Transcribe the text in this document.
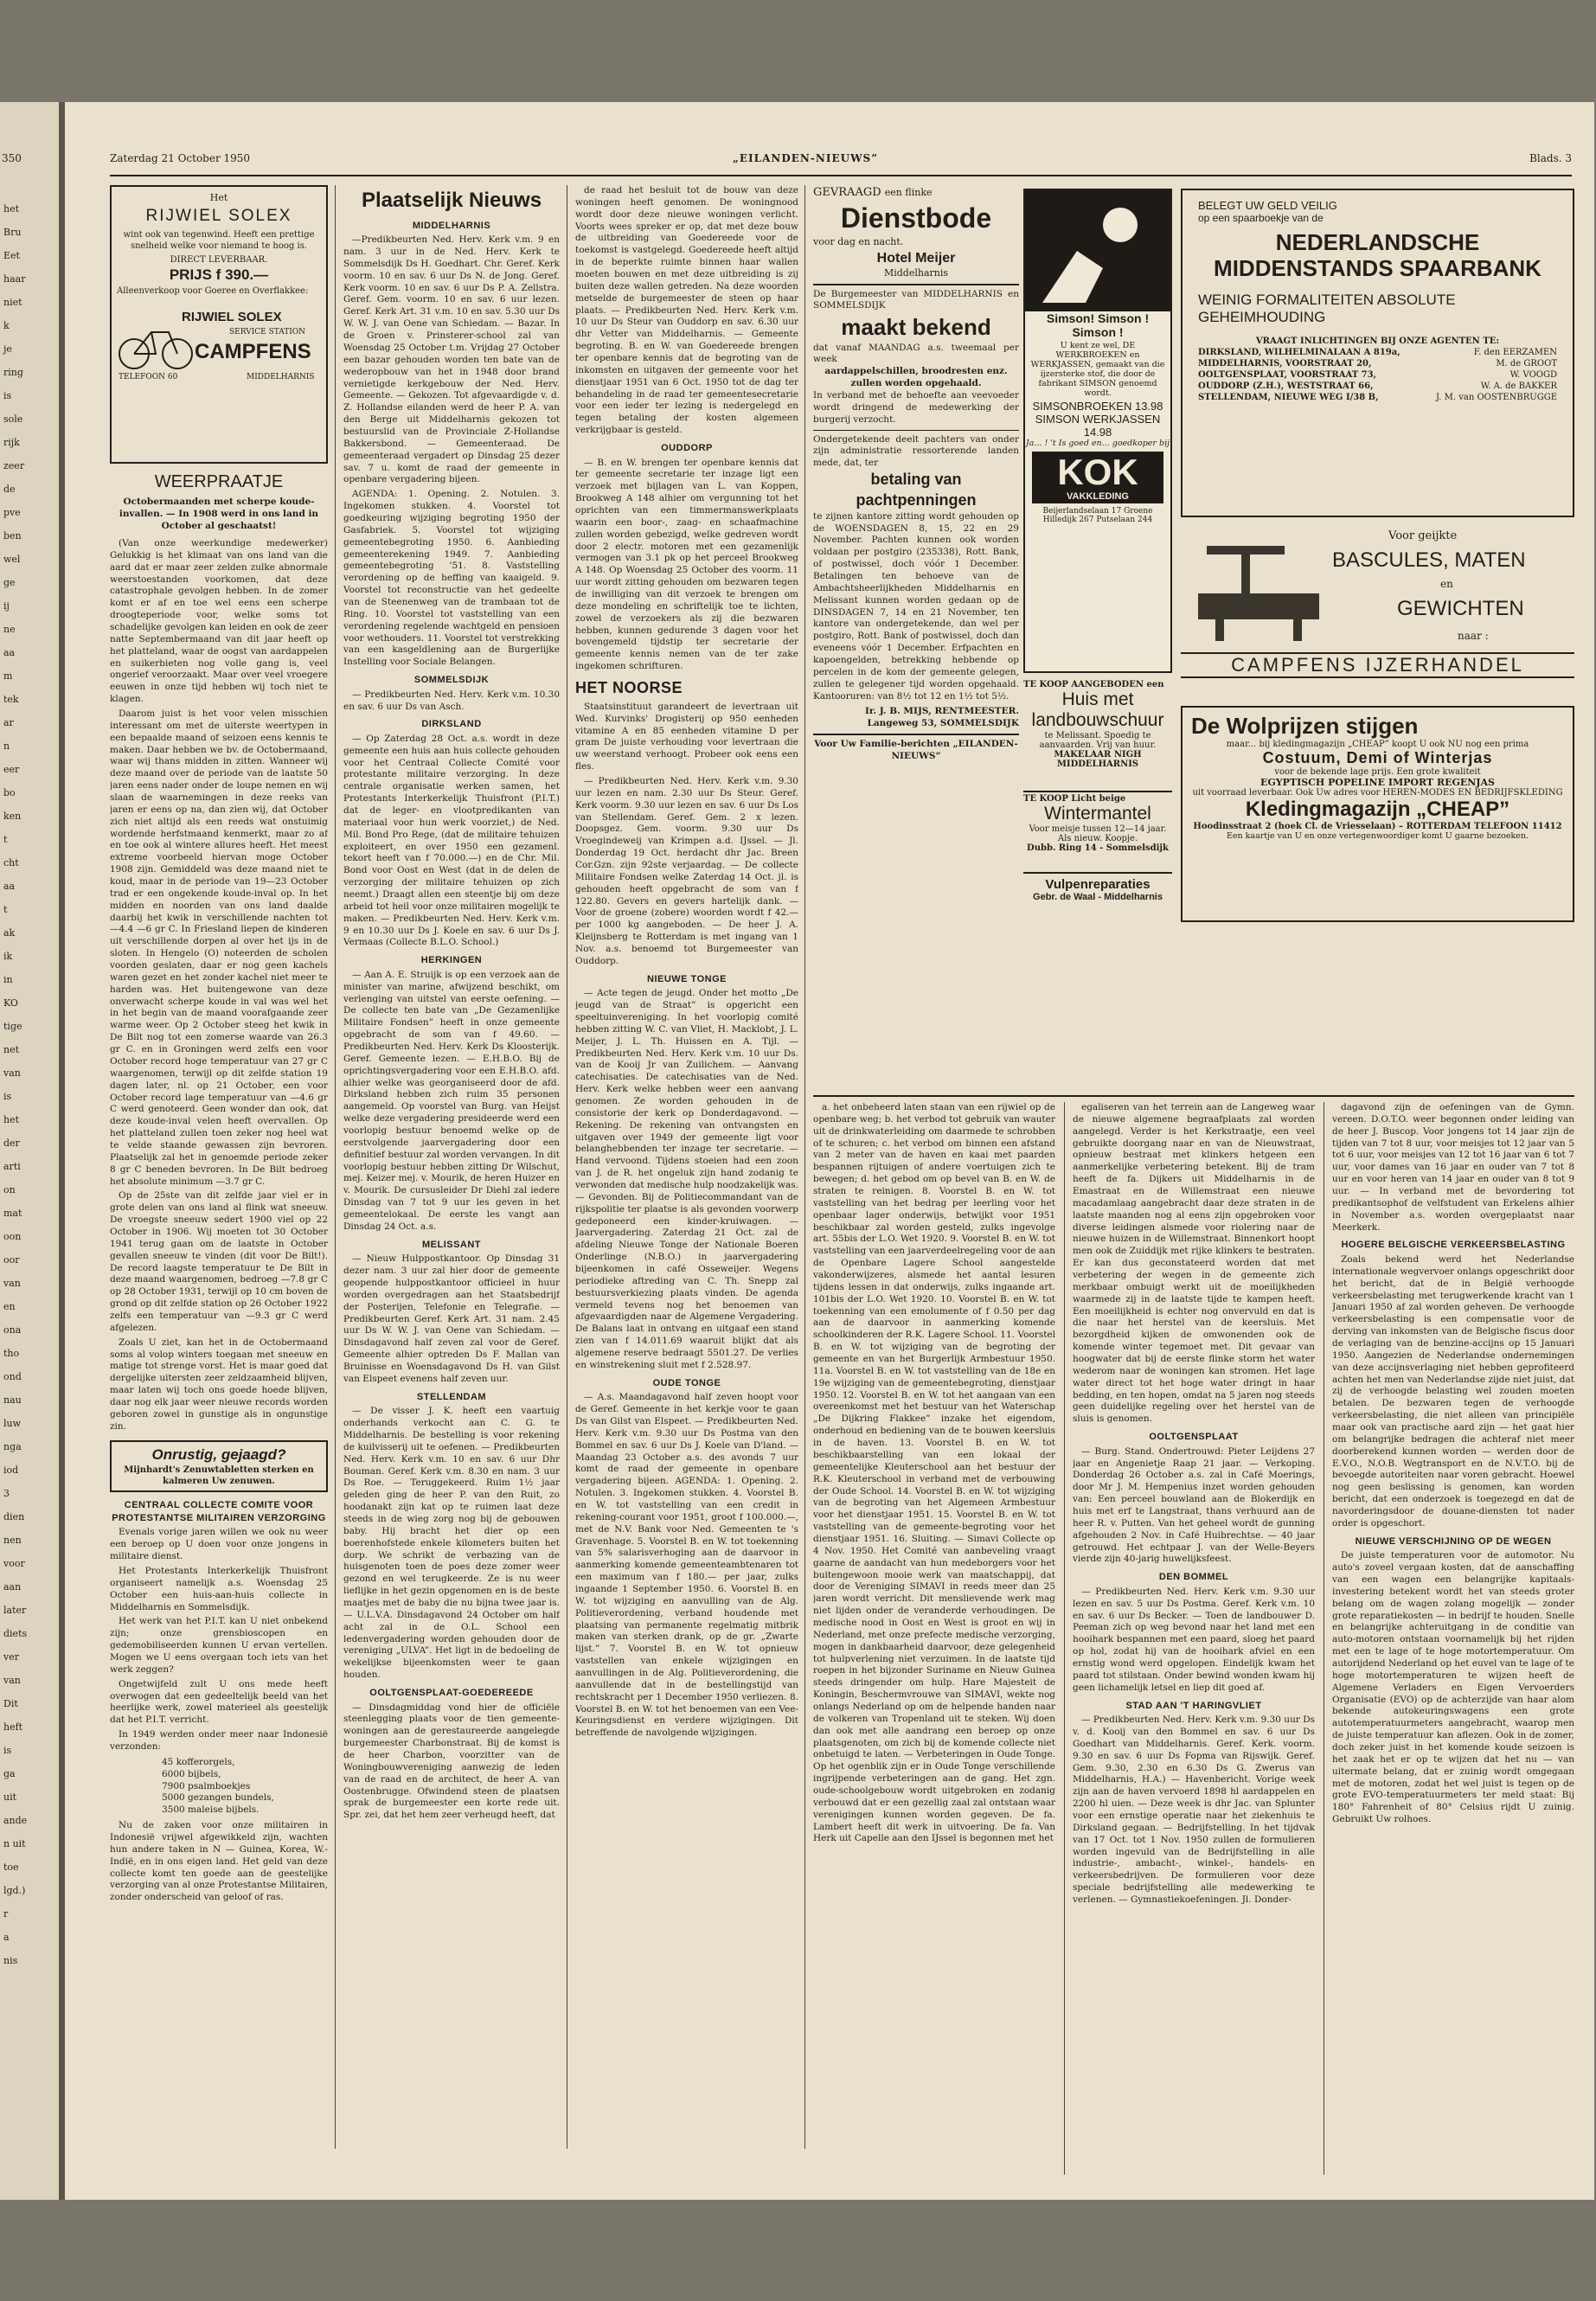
350
het
Bru
Eet
haar
niet
k
je
ring
is
sole
rijk
zeer
de
pve
ben
wel
ge
ij
ne
aa
m
tek
ar
n
eer
bo
ken
t
cht
aa
t
ak
ik
in
KO
tige
net
van
is
het
der
arti
on
mat
oon
oor
van
en
ona
tho
ond
nau
luw
nga
iod
3
dien
nen
voor
aan
later
diets
ver
van
Dit
heft
is
ga
uit
ande
n uit
toe
lgd.)
r
a
nis
Zaterdag 21 October 1950	„EILANDEN-NIEUWS”	Blads. 3
Het
RIJWIEL SOLEX
wint ook van tegenwind. Heeft een prettige snelheid welke voor niemand te hoog is.
DIRECT LEVERBAAR.
PRIJS f 390.—
Alleenverkoop voor Goeree en Overflakkee:
RIJWIEL SOLEX
SERVICE STATION
CAMPFENS
TELEFOON 60	MIDDELHARNIS
WEERPRAATJE
Octobermaanden met scherpe koude-invallen. — In 1908 werd in ons land in October al geschaatst!

(Van onze weerkundige medewerker) Gelukkig is het klimaat van ons land van die aard dat er maar zeer zelden zulke abnormale weerstoestanden voorkomen, dat deze catastrophale gevolgen hebben. In de zomer komt er af en toe wel eens een scherpe droogteperiode voor, welke soms tot schadelijke gevolgen kan leiden en ook de zeer natte Septembermaand van dit jaar heeft op het platteland, waar de oogst van aardappelen en suikerbieten nog volle gang is, veel ongerief veroorzaakt. Maar over veel vroegere eeuwen in onze tijd hebben wij toch niet te klagen.

Daarom juist is het voor velen misschien interessant om met de uiterste weertypen in een bepaalde maand of seizoen eens kennis te maken. Daar hebben we bv. de Octobermaand, waar wij thans midden in zitten. Wanneer wij deze maand over de periode van de laatste 50 jaren eens nader onder de loupe nemen en wij slaan de waarnemingen in deze reeks van jaren er eens op na, dan zien wij, dat October zich niet altijd als een reeds wat onstuimig wordende herfstmaand kenmerkt, maar zo af en toe ook al wintere allures heeft. Het meest extreme voorbeeld hiervan moge October 1908 zijn. Gemiddeld was deze maand niet te koud, maar in de periode van 19—23 October trad er een ongekende koude-inval op. In het midden en noorden van ons land daalde daarbij het kwik in verschillende nachten tot —4.4 —6 gr C. In Friesland liepen de kinderen uit verschillende dorpen al over het ijs in de sloten. In Hengelo (O) noteerden de scholen voorden geslaten, daar er nog geen kachels waren gezet en het zonder kachel niet meer te harden was. Het buitengewone van deze onverwacht scherpe koude in val was wel het in het begin van de maand voorafgaande zeer warme weer. Op 2 October steeg het kwik in De Bilt nog tot een zomerse waarde van 26.3 gr C. en in Groningen werd zelfs een voor October record hoge temperatuur van 27 gr C waargenomen, terwijl op dit zelfde station 19 dagen later, nl. op 21 October, een voor October record lage temperatuur van —4.6 gr C werd genoteerd. Geen wonder dan ook, dat deze koude-inval velen heeft overvallen. Op het platteland zullen toen zeker nog heel wat te velde staande gewassen zijn bevroren. Plaatselijk zal het in genoemde periode zeker 8 gr C beneden bevroren. In De Bilt bedroeg het absolute minimum —3.7 gr C.

Op de 25ste van dit zelfde jaar viel er in grote delen van ons land al flink wat sneeuw. De vroegste sneeuw sedert 1900 viel op 22 October in 1906. Wij moeten tot 30 October 1941 terug gaan om de laatste in October gevallen sneeuw te vinden (dit voor De Bilt!). De record laagste temperatuur te De Bilt in deze maand waargenomen, bedroeg —7.8 gr C op 28 October 1931, terwijl op 10 cm boven de grond op dit zelfde station op 26 October 1922 zelfs een temperatuur van —9.3 gr C werd afgelezen.

Zoals U ziet, kan het in de Octobermaand soms al volop winters toegaan met sneeuw en matige tot strenge vorst. Het is maar goed dat dergelijke uitersten zeer zeldzaamheid blijven, maar laten wij toch ons goede hoede blijven, daar nog elk jaar weer nieuwe records worden geboren zowel in gunstige als in ongunstige zin.

Onrustig, gejaagd?
Mijnhardt's Zenuwtabletten sterken en kalmeren Uw zenuwen.
CENTRAAL COLLECTE COMITE VOOR PROTESTANTSE MILITAIREN VERZORGING

Evenals vorige jaren willen we ook nu weer een beroep op U doen voor onze jongens in militaire dienst.

Het Protestants Interkerkelijk Thuisfront organiseert namelijk a.s. Woensdag 25 October een huis-aan-huis collecte in Middelharnis en Sommelsdijk.

Het werk van het P.I.T. kan U niet onbekend zijn; onze grensbioscopen en gedemobiliseerden kunnen U ervan vertellen. Mogen we U eens overgaan toch iets van het werk zeggen?

Ongetwijfeld zult U ons mede heeft overwogen dat een gedeeltelijk beeld van het heerlijke werk, zowel materieel als geestelijk dat het P.I.T. verricht.

In 1949 werden onder meer naar Indonesië verzonden:

45 kofferorgels,
6000 bijbels,
7900 psalmboekjes
5000 gezangen bundels,
3500 maleise bijbels.

Nu de zaken voor onze militairen in Indonesië vrijwel afgewikkeld zijn, wachten hun andere taken in N — Guinea, Korea, W.-Indië, en in ons eigen land. Het geld van deze collecte komt ten goede aan de geestelijke verzorging van al onze Protestantse Militairen, zonder onderscheid van geloof of ras.

Plaatselijk Nieuws
MIDDELHARNIS

—Predikbeurten Ned. Herv. Kerk v.m. 9 en nam. 3 uur in de Ned. Herv. Kerk te Sommelsdijk Ds H. Goedhart. Chr. Geref. Kerk voorm. 10 en sav. 6 uur Ds N. de Jong. Geref. Kerk voorm. 10 en sav. 6 uur Ds P. A. Zellstra. Geref. Gem. voorm. 10 en sav. 6 uur lezen. Geref. Kerk Art. 31 v.m. 10 en sav. 5.30 uur Ds W. W. J. van Oene van Schiedam. — Bazar. In de Groen v. Prinsterer-school zal van Woensdag 25 October t.m. Vrijdag 27 October een bazar gehouden worden ten bate van de wederopbouw van het in 1948 door brand vernietigde kerkgebouw der Ned. Herv. Gemeente. — Gekozen. Tot afgevaardigde v. d. Z. Hollandse eilanden werd de heer P. A. van den Berge uit Middelharnis gekozen tot bestuurslid van de Provinciale Z-Hollandse Bakkersbond. — Gemeenteraad. De gemeenteraad vergadert op Dinsdag 25 dezer sav. 7 u. komt de raad der gemeente in openbare vergadering bijeen.

AGENDA: 1. Opening. 2. Notulen. 3. Ingekomen stukken. 4. Voorstel tot goedkeuring wijziging begroting 1950 der Gasfabriek. 5. Voorstel tot wijziging gemeentebegroting 1950. 6. Aanbieding gemeenterekening 1949. 7. Aanbieding gemeentebegroting '51. 8. Vaststelling verordening op de heffing van kaaigeld. 9. Voorstel tot reconstructie van het gedeelte van de Steenenweg van de trambaan tot de Ring. 10. Voorstel tot vaststelling van een verordening regelende wachtgeld en pensioen voor wethouders. 11. Voorstel tot verstrekking van een kasgeldlening aan de Burgerlijke Instelling voor Sociale Belangen.

SOMMELSDIJK

— Predikbeurten Ned. Herv. Kerk v.m. 10.30 en sav. 6 uur Ds van Asch.

DIRKSLAND

— Op Zaterdag 28 Oct. a.s. wordt in deze gemeente een huis aan huis collecte gehouden voor het Centraal Collecte Comité voor protestante militaire verzorging. In deze centrale organisatie werken samen, het Protestants Interkerkelijk Thuisfront (P.I.T.) dat de leger- en vlootpredikanten van materiaal voor hun werk voorziet,) de Ned. Mil. Bond Pro Rege, (dat de militaire tehuizen exploiteert, en over 1950 een gezamenl. tekort heeft van f 70.000.—) en de Chr. Mil. Bond voor Oost en West (dat in de delen de verzorging der militaire tehuizen op zich neemt.) Draagt allen een steentje bij om deze arbeid tot heil voor onze militairen mogelijk te maken. — Predikbeurten Ned. Herv. Kerk v.m. 9 en 10.30 uur Ds J. Koele en sav. 6 uur Ds J. Vermaas (Collecte B.L.O. School.)

HERKINGEN

— Aan A. E. Struijk is op een verzoek aan de minister van marine, afwijzend beschikt, om verlenging van uitstel van eerste oefening. — De collecte ten bate van „De Gezamenlijke Militaire Fondsen” heeft in onze gemeente opgebracht de som van f 49.60. — Predikbeurten Ned. Herv. Kerk Ds Kloosterijk. Geref. Gemeente lezen. — E.H.B.O. Bij de oprichtingsvergadering voor een E.H.B.O. afd. alhier welke was georganiseerd door de afd. Dirksland hebben zich ruim 35 personen aangemeld. Op voorstel van Burg. van Heijst welke deze vergadering presideerde werd een voorlopig bestuur benoemd welke op de eerstvolgende jaarvergadering door een definitief bestuur zal worden vervangen. In dit voorlopig bestuur hebben zitting Dr Wilschut, mej. Keizer mej. v. Mourik, de heren Huizer en v. Mourik. De cursusleider Dr Diehl zal iedere Dinsdag van 7 tot 9 uur les geven in het gemeentelokaal. De eerste les vangt aan Dinsdag 24 Oct. a.s.

MELISSANT

— Nieuw Hulppostkantoor. Op Dinsdag 31 dezer nam. 3 uur zal hier door de gemeente geopende hulppostkantoor officieel in huur worden overgedragen aan het Staatsbedrijf der Posterijen, Telefonie en Telegrafie. — Predikbeurten Geref. Kerk Art. 31 nam. 2.45 uur Ds W. W. J. van Oene van Schiedam. — Dinsdagavond half zeven zal voor de Geref. Gemeente alhier optreden Ds F. Mallan van Bruinisse en Woensdagavond Ds H. van Gilst van Elspeet evenens half zeven uur.

STELLENDAM

— De visser J. K. heeft een vaartuig onderhands verkocht aan C. G. te Middelharnis. De bestelling is voor rekening de kuilvisserij uit te oefenen. — Predikbeurten Ned. Herv. Kerk v.m. 10 en sav. 6 uur Dhr Bouman. Geref. Kerk v.m. 8.30 en nam. 3 uur Ds Roe. — Teruggekeerd. Ruim 1½ jaar geleden ging de heer P. van den Ruit, zo hoodanakt zijn kat op te ruimen laat deze steeds in de wieg zorg nog bij de gebouwen baby. Hij bracht het dier op een boerenhofstede enkele kilometers buiten het dorp. We schrikt de verbazing van de huisgenoten toen de poes deze zomer weer gezond en wel terugkeerde. Ze is nu weer lieflijke in het gezin opgenomen en is de beste maatjes met de baby die nu bijna twee jaar is. — U.L.V.A. Dinsdagavond 24 October om half acht zal in de O.L. School een ledenvergadering worden gehouden door de vereniging „ULVA”. Het ligt in de bedoeling de wekelijkse bijeenkomsten weer te gaan houden.

OOLTGENSPLAAT-GOEDEREEDE

— Dinsdagmiddag vond hier de officiële steenlegging plaats voor de tien gemeente-woningen aan de gerestaureerde aangelegde burgemeester Charbonstraat. Bij de komst is de heer Charbon, voorzitter van de Woningbouwvereniging aanwezig de leden van de raad en de architect, de heer A. van Oostenbrugge. Ofwindend steen de plaatsen sprak de burgemeester een korte rede uit. Spr. zei, dat het hem zeer verheugd heeft, dat

de raad het besluit tot de bouw van deze woningen heeft genomen. De woningnood wordt door deze nieuwe woningen verlicht. Voorts wees spreker er op, dat met deze bouw de uitbreiding van Goedereede voor de toekomst is vastgelegd. Goedereede heeft altijd in de beperkte ruimte binnen haar wallen moeten bouwen en met deze uitbreiding is zij buiten deze wallen getreden. Na deze woorden metselde de burgemeester de steen op haar plaats. — Predikbeurten Ned. Herv. Kerk v.m. 10 uur Ds Steur van Ouddorp en sav. 6.30 uur dhr Vetter van Middelharnis. — Gemeente begroting. B. en W. van Goedereede brengen ter openbare kennis dat de begroting van de inkomsten en uitgaven der gemeente voor het dienstjaar 1951 van 6 Oct. 1950 tot de dag ter behandeling in de raad ter gemeentesecretarie voor een ieder ter lezing is nedergelegd en tegen betaling der kosten algemeen verkrijgbaar is gesteld.

OUDDORP

— B. en W. brengen ter openbare kennis dat ter gemeente secretarie ter inzage ligt een verzoek met bijlagen van L. van Koppen, Brookweg A 148 alhier om vergunning tot het oprichten van een timmermanswerkplaats waarin een boor-, zaag- en schaafmachine zullen worden gebezigd, welke gedreven wordt door 2 electr. motoren met een gezamenlijk vermogen van 3.1 pk op het perceel Brookweg A 148. Op Woensdag 25 October des voorm. 11 uur wordt zitting gehouden om bezwaren tegen de inwilliging van dit verzoek te brengen om deze mondeling en schriftelijk toe te lichten, zowel de verzoekers als zij die bezwaren hebben, kunnen gedurende 3 dagen voor het bovengemeld tijdstip ter secretarie der gemeente kennis nemen van de ter zake ingekomen schrifturen.

HET NOORSE

Staatsinstituut garandeert de levertraan uit Wed. Kurvinks' Drogisterij op 950 eenheden vitamine A en 85 eenheden vitamine D per gram De juiste verhouding voor levertraan die uw weerstand verhoogt. Probeer ook eens een fles.

— Predikbeurten Ned. Herv. Kerk v.m. 9.30 uur lezen en nam. 2.30 uur Ds Steur. Geref. Kerk voorm. 9.30 uur lezen en sav. 6 uur Ds Los van Stellendam. Geref. Gem. 2 x lezen. Doopsgez. Gem. voorm. 9.30 uur Ds Vroegindeweij van Krimpen a.d. IJssel. — Jl. Donderdag 19 Oct. herdacht dhr Jac. Breen Cor.Gzn. zijn 92ste verjaardag. — De collecte Militaire Fondsen welke Zaterdag 14 Oct. jl. is gehouden heeft opgebracht de som van f 122.80. Gevers en gevers hartelijk dank. — Voor de groene (zobere) woorden wordt f 42.— per 1000 kg aangeboden. — De heer J. A. Kleijnsberg te Rotterdam is met ingang van 1 Nov. a.s. benoemd tot Burgemeester van Ouddorp.

NIEUWE TONGE

— Acte tegen de jeugd. Onder het motto „De jeugd van de Straat” is opgericht een speeltuinvereniging. In het voorlopig comité hebben zitting W. C. van Vliet, H. Macklobt, J. L. Meijer, J. L. Th. Huissen en A. Tijl. — Predikbeurten Ned. Herv. Kerk v.m. 10 uur Ds. van de Kooij Jr van Zuilichem. — Aanvang catechisaties. De catechisaties van de Ned. Herv. Kerk welke hebben weer een aanvang genomen. Ze worden gehouden in de consistorie der kerk op Donderdagavond. — Rekening. De rekening van ontvangsten en uitgaven over 1949 der gemeente ligt voor belanghebbenden ter inzage ter secretarie. — Hand vervoond. Tijdens stoeien had een zoon van J. de R. het ongeluk zijn hand zodanig te verwonden dat medische hulp noodzakelijk was. — Gevonden. Bij de Politiecommandant van de rijkspolitie ter plaatse is als gevonden voorwerp gedeponeerd een kinder-kruiwagen. — Jaarvergadering. Zaterdag 21 Oct. zal de afdeling Nieuwe Tonge der Nationale Boeren Onderlinge (N.B.O.) in jaarvergadering bijeenkomen in café Osseweijer. Wegens periodieke aftreding van C. Th. Snepp zal bestuursverkiezing plaats vinden. De agenda vermeld tevens nog het benoemen van afgevaardigden naar de Algemene Vergadering. De Balans laat in ontvang en uitgaaf een stand zien van f 14.011.69 waaruit blijkt dat als algemene reserve bedraagt 5501.27. De verlies en winstrekening sluit met f 2.528.97.

OUDE TONGE

— A.s. Maandagavond half zeven hoopt voor de Geref. Gemeente in het kerkje voor te gaan Ds van Gilst van Elspeet. — Predikbeurten Ned. Herv. Kerk v.m. 9.30 uur Ds Postma van den Bommel en sav. 6 uur Ds J. Koele van D'land. — Maandag 23 October a.s. des avonds 7 uur komt de raad der gemeente in openbare vergadering bijeen. AGENDA: 1. Opening. 2. Notulen. 3. Ingekomen stukken. 4. Voorstel B. en W. tot vaststelling van een credit in rekening-courant voor 1951, groot f 100.000.—, met de N.V. Bank voor Ned. Gemeenten te 's Gravenhage. 5. Voorstel B. en W. tot toekenning van 5% salarisverhoging aan de daarvoor in aanmerking komende gemeenteambtenaren tot een maximum van f 180.— per jaar, zulks ingaande 1 September 1950. 6. Voorstel B. en W. tot wijziging en aanvulling van de Alg. Politieverordening, verband houdende met plaatsing van permanente regelmatig mitbrik maken van sterken drank, op de gr. „Zwarte lijst.” 7. Voorstel B. en W. tot opnieuw vaststellen van enkele wijzigingen en aanvullingen in de Alg. Politieverordening, die aanvullende dat in de bestellingstijd van rechtskracht per 1 December 1950 verliezen. 8. Voorstel B. en W. tot het benoemen van een Vee-Keuringsdienst en verdere wijzigingen. Dit betreffende de navolgende wijzigingen.

GEVRAAGD een flinke
Dienstbode
voor dag en nacht.
Hotel Meijer
Middelharnis
De Burgemeester van MIDDELHARNIS en SOMMELSDIJK
maakt bekend
dat vanaf MAANDAG a.s. tweemaal per week
aardappelschillen, broodresten enz. zullen worden opgehaald.
In verband met de behoefte aan veevoeder wordt dringend de medewerking der burgerij verzocht.
Ondergetekende deelt pachters van onder zijn administratie ressorterende landen mede, dat, ter
betaling van pachtpenningen
te zijnen kantore zitting wordt gehouden op de WOENSDAGEN 8, 15, 22 en 29 November. Pachten kunnen ook worden voldaan per postgiro (235338), Rott. Bank, of postwissel, doch vóór 1 December. Betalingen ten behoeve van de Ambachtsheerlijkheden Middelharnis en Melissant kunnen worden gedaan op de DINSDAGEN 7, 14 en 21 November, ten kantore van ondergetekende, dan wel per postgiro, Rott. Bank of postwissel, doch dan eveneens vóór 1 December. Erfpachten en kapoengelden, betrekking hebbende op percelen in de kom der gemeente gelegen, zullen te gelegener tijd worden opgehaald. Kantooruren: van 8½ tot 12 en 1½ tot 5½.
Ir. J. B. MIJS, RENTMEESTER. Langeweg 53, SOMMELSDIJK
Voor Uw Familie-berichten „EILANDEN-NIEUWS”
Simson! Simson ! Simson !
U kent ze wel, DE WERKBROEKEN en WERKJASSEN, gemaakt van die ijzersterke stof, die door de fabrikant SIMSON genoemd wordt.
SIMSONBROEKEN 13.98
SIMSON WERKJASSEN 14.98
Ja... ! 't Is goed en... goedkoper bij
KOK
VAKKLEDING
Beijerlandselaan 17 Groene Hilledijk 267 Putselaan 244
TE KOOP AANGEBODEN een
Huis met landbouwschuur
te Melissant. Spoedig te aanvaarden. Vrij van huur.
MAKELAAR NIGH MIDDELHARNIS
TE KOOP Licht beige
Wintermantel
Voor meisje tussen 12—14 jaar. Als nieuw. Koopje.
Dubb. Ring 14 - Sommelsdijk
Vulpenreparaties
Gebr. de Waal - Middelharnis
BELEGT UW GELD VEILIG
op een spaarboekje van de
NEDERLANDSCHE MIDDENSTANDS SPAARBANK
WEINIG FORMALITEITEN ABSOLUTE GEHEIMHOUDING
VRAAGT INLICHTINGEN BIJ ONZE AGENTEN TE:
DIRKSLAND, WILHELMINALAAN A 819a,	F. den EERZAMEN
MIDDELHARNIS, VOORSTRAAT 20,	M. de GROOT
OOLTGENSPLAAT, VOORSTRAAT 73,	W. VOOGD
OUDDORP (Z.H.), WESTSTRAAT 66,	W. A. de BAKKER
STELLENDAM, NIEUWE WEG I/38 B,	J. M. van OOSTENBRUGGE
Voor geijkte
BASCULES, MATEN
en
GEWICHTEN
naar :
CAMPFENS IJZERHANDEL
De Wolprijzen stijgen
maar... bij kledingmagazijn „CHEAP” koopt U ook NU nog een prima
Costuum, Demi of Winterjas
voor de bekende lage prijs. Een grote kwaliteit
EGYPTISCH POPELINE IMPORT REGENJAS
uit voorraad leverbaar. Ook Uw adres voor HEREN-MODES EN BEDRIJFSKLEDING
Kledingmagazijn „CHEAP”
Hoodinsstraat 2 (hoek Cl. de Vriesselaan) – ROTTERDAM TELEFOON 11412
Een kaartje van U en onze vertegenwoordiger komt U gaarne bezoeken.

a. het onbeheerd laten staan van een rijwiel op de openbare weg; b. het verbod tot gebruik van wauter uit de drinkwaterleiding om daarmede te schrobben of te schuren; c. het verbod om binnen een afstand van 2 meter van de haven en kaai met paarden bespannen rijtuigen of andere voertuigen zich te bewegen; d. het gebod om op bevel van B. en W. de straten te reinigen. 8. Voorstel B. en W. tot vaststelling van het bedrag per leerling voor het openbaar lager onderwijs, betwijkt voor 1951 beschikbaar zal worden gesteld, zulks ingevolge art. 55bis der L.O. Wet 1920. 9. Voorstel B. en W. tot vaststelling van een jaarverdeelregeling voor de aan de Openbare Lagere School aangestelde vakonderwijzeres, alsmede het aantal lesuren tijdens lessen in dat onderwijs, zulks ingaande art. 101bis der L.O. Wet 1920. 10. Voorstel B. en W. tot toekenning van een emolumente of f 0.50 per dag aan de daarvoor in aanmerking komende schoolkinderen der R.K. Lagere School. 11. Voorstel B. en W. tot wijziging van de begroting der gemeente en van het Burgerlijk Armbestuur 1950. 11a. Voorstel B. en W. tot vaststelling van de 18e en 19e wijziging van de gemeentebegroting, dienstjaar 1950. 12. Voorstel B. en W. tot het aangaan van een overeenkomst met het bestuur van het Waterschap „De Dijkring Flakkee” inzake het eigendom, onderhoud en bediening van de te bouwen keersluis in de haven. 13. Voorstel B. en W. tot beschikbaarstelling van een lokaal der gemeentelijke Kleuterschool aan het bestuur der R.K. Kleuterschool in verband met de verbouwing der Oude School. 14. Voorstel B. en W. tot wijziging van de begroting van het Algemeen Armbestuur voor het dienstjaar 1951. 15. Voorstel B. en W. tot vaststelling van de gemeente-begroting voor het dienstjaar 1951. 16. Sluiting. — Simavi Collecte op 4 Nov. 1950. Het Comité van aanbeveling vraagt gaarne de aandacht van hun medeborgers voor het buitengewoon mooie werk van maatschappij, dat door de Vereniging SIMAVI in reeds meer dan 25 jaren wordt verricht. Dit menslievende werk mag niet lijden onder de veranderde verhoudingen. De medische nood in Oost en West is groot en wij in Nederland, met onze prefecte medische verzorging, mogen in dankbaarheid daarvoor, deze gelegenheid tot hulpverlening niet verzuimen. In de laatste tijd roepen in het bijzonder Suriname en Nieuw Guinea steeds dringender om hulp. Hare Majesteit de Koningin, Beschermvrouwe van SIMAVI, wekte nog onlangs Nederland op om de helpende handen naar de volkeren van Tropenland uit te steken. Wij doen dan ook met alle aandrang een beroep op onze plaatsgenoten, om zich bij de komende collecte niet onbetuigd te laten. — Verbeteringen in Oude Tonge. Op het ogenblik zijn er in Oude Tonge verschillende ingrijpende verbeteringen aan de gang. Het zgn. oude-schoolgebouw wordt uitgebroken en zodanig verbouwd dat er een gezellig zaal zal ontstaan waar verenigingen kunnen worden gegeven. De fa. Lambert heeft dit werk in uitvoering. De fa. Van Herk uit Capelle aan den IJssel is begonnen met het

egaliseren van het terrein aan de Langeweg waar de nieuwe algemene begraafplaats zal worden aangelegd. Verder is het Kerkstraatje, een veel gebruikte doorgang naar en van de Nieuwstraat, opnieuw bestraat met klinkers hetgeen een aanmerkelijke verbetering betekent. Bij de tram heeft de fa. Dijkers uit Middelharnis in de Emastraat en de Willemstraat een nieuwe macadamlaag aangebracht daar deze straten in de laatste maanden nog al eens zijn opgebroken voor diverse leidingen alsmede voor riolering naar de nieuwe huizen in de Willemstraat. Binnenkort hoopt men ook de Zuiddijk met rijke klinkers te bestraten. Er kan dus geconstateerd worden dat met verbetering der wegen in de gemeente zich merkbaar ombuigt werkt uit de moeilijkheden waarmede zij in de laatste tijde te kampen heeft. Een moeilijkheid is echter nog onvervuld en dat is die naar het herstel van de keersluis. Met bezorgdheid kijken de omwonenden ook de komende winter tegemoet met. Dit gevaar van hoogwater dat bij de eerste flinke storm het water wederom naar de woningen kan stromen. Het lage water direct tot het hoge water dringt in haar bedding, en ten hopen, omdat na 5 jaren nog steeds geen duidelijke regeling over het herstel van de sluis is genomen.

OOLTGENSPLAAT

— Burg. Stand. Ondertrouwd: Pieter Leijdens 27 jaar en Angenietje Raap 21 jaar. — Verkoping. Donderdag 26 October a.s. zal in Café Moerings, door Mr J. M. Hempenius inzet worden gehouden van: Een perceel bouwland aan de Blokerdijk en huis met erf te Langstraat, thans verhuurd aan de heer R. v. Putten. Van het geheel wordt de gunning afgehouden 2 Nov. in Café Huibrechtse. — 40 jaar getrouwd. Het echtpaar J. van der Welle-Beyers vierde zijn 40-jarig huwelijksfeest.

DEN BOMMEL

— Predikbeurten Ned. Herv. Kerk v.m. 9.30 uur lezen en sav. 5 uur Ds Postma. Geref. Kerk v.m. 10 en sav. 6 uur Ds Becker. — Toen de landbouwer D. Peeman zich op weg bevond naar het land met een hooihark bespannen met een paard, sloeg het paard op hol, zodat hij van de hooihark afviel en een ernstig wond werd opgelopen. Eindelijk kwam het paard tot stilstaan. Onder bewind wonden kwam hij geen lichamelijk letsel en liep dit goed af.

STAD AAN 'T HARINGVLIET

— Predikbeurten Ned. Herv. Kerk v.m. 9.30 uur Ds v. d. Kooij van den Bommel en sav. 6 uur Ds Goedhart van Middelharnis. Geref. Kerk. voorm. 9.30 en sav. 6 uur Ds Fopma van Rijswijk. Geref. Gem. 9.30, 2.30 en 6.30 Ds G. Zwerus van Middelharnis, H.A.) — Havenbericht. Vorige week zijn aan de haven vervoerd 1898 hl aardappelen en 2200 hl uien. — Deze week is dhr Jac. van Splunter voor een ernstige operatie naar het ziekenhuis te Dirksland gegaan. — Bedrijfstelling. In het tijdvak van 17 Oct. tot 1 Nov. 1950 zullen de formulieren worden ingevuld van de Bedrijfstelling in alle industrie-, ambacht-, winkel-, handels- en verkeersbedrijven. De formulieren voor deze speciale bedrijfstelling alle medewerking te verlenen. — Gymnastiekoefeningen. Jl. Donder-

dagavond zijn de oefeningen van de Gymn. vereen. D.O.T.O. weer begonnen onder leiding van de heer J. Buscop. Voor jongens tot 14 jaar zijn de tijden van 7 tot 8 uur, voor meisjes tot 12 jaar van 5 tot 6 uur, voor meisjes van 12 tot 16 jaar van 6 tot 7 uur, voor dames van 16 jaar en ouder van 7 tot 8 uur en voor heren van 14 jaar en ouder van 8 tot 9 uur. — In verband met de bevordering tot predikantsophof de velfstudent van Erkelens alhier in November a.s. worden overgeplaatst naar Meerkerk.

HOGERE BELGISCHE VERKEERSBELASTING

Zoals bekend werd het Nederlandse internationale wegvervoer onlangs opgeschrikt door het bericht, dat de in België verhoogde verkeersbelasting met terugwerkende kracht van 1 Januari 1950 af zal worden geheven. De verhoogde verkeersbelasting is een compensatie voor de derving van inkomsten van de Belgische fiscus door de verlaging van de benzine-accijns op 15 Januari 1950. Aangezien de Nederlandse ondernemingen van deze accijnsverlaging niet hebben geprofiteerd achten het men van Nederlandse zijde niet juist, dat zij de verhoogde belasting wel zouden moeten betalen. De bezwaren tegen de verhoogde verkeersbelasting, die niet alleen van principiële maar ook van practische aard zijn — het gaat hier om belangrijke bedragen die achteraf niet meer doorberekend kunnen worden — werden door de E.V.O., N.O.B. Wegtransport en de N.V.T.O. bij de bevoegde autoriteiten naar voren gebracht. Hoewel nog geen beslissing is genomen, kan worden bericht, dat een onderzoek is toegezegd en dat de navorderingsdoor de douane-diensten tot nader order is opgeschort.

NIEUWE VERSCHIJNING OP DE WEGEN

De juiste temperaturen voor de automotor. Nu auto's zoveel vergaan kosten, dat de aanschaffing van een wagen een belangrijke kapitaals-investering betekent wordt het van steeds groter belang om de wagen zolang mogelijk — zonder grote reparatiekosten — in bedrijf te houden. Snelle en belangrijke achteruitgang in de conditie van auto-motoren ontstaan voornamelijk bij het rijden met een te lage of te hoge motortemperatuur. Om autorijdend Nederland op het euvel van te lage of te hoge motortemperaturen te wijzen heeft de Algemene Verladers en Eigen Vervoerders Organisatie (EVO) op de achterzijde van haar alom bekende autokeuringswagens een grote autotemperatuurmeters aangebracht, waarop men de juiste temperatuur kan aflezen. Ook in de zomer, doch zeker juist in het komende koude seizoen is het zaak het er op te wijzen dat het nu — van uitermate belang, dat er zuinig wordt omgegaan met de motoren, zodat het wel juist is tegen op de grote EVO-temperatuurmeters ter meld staat: Bij 180° Fahrenheit of 80° Celsius rijdt U zuinig. Gebruikt Uw rolhoes.
